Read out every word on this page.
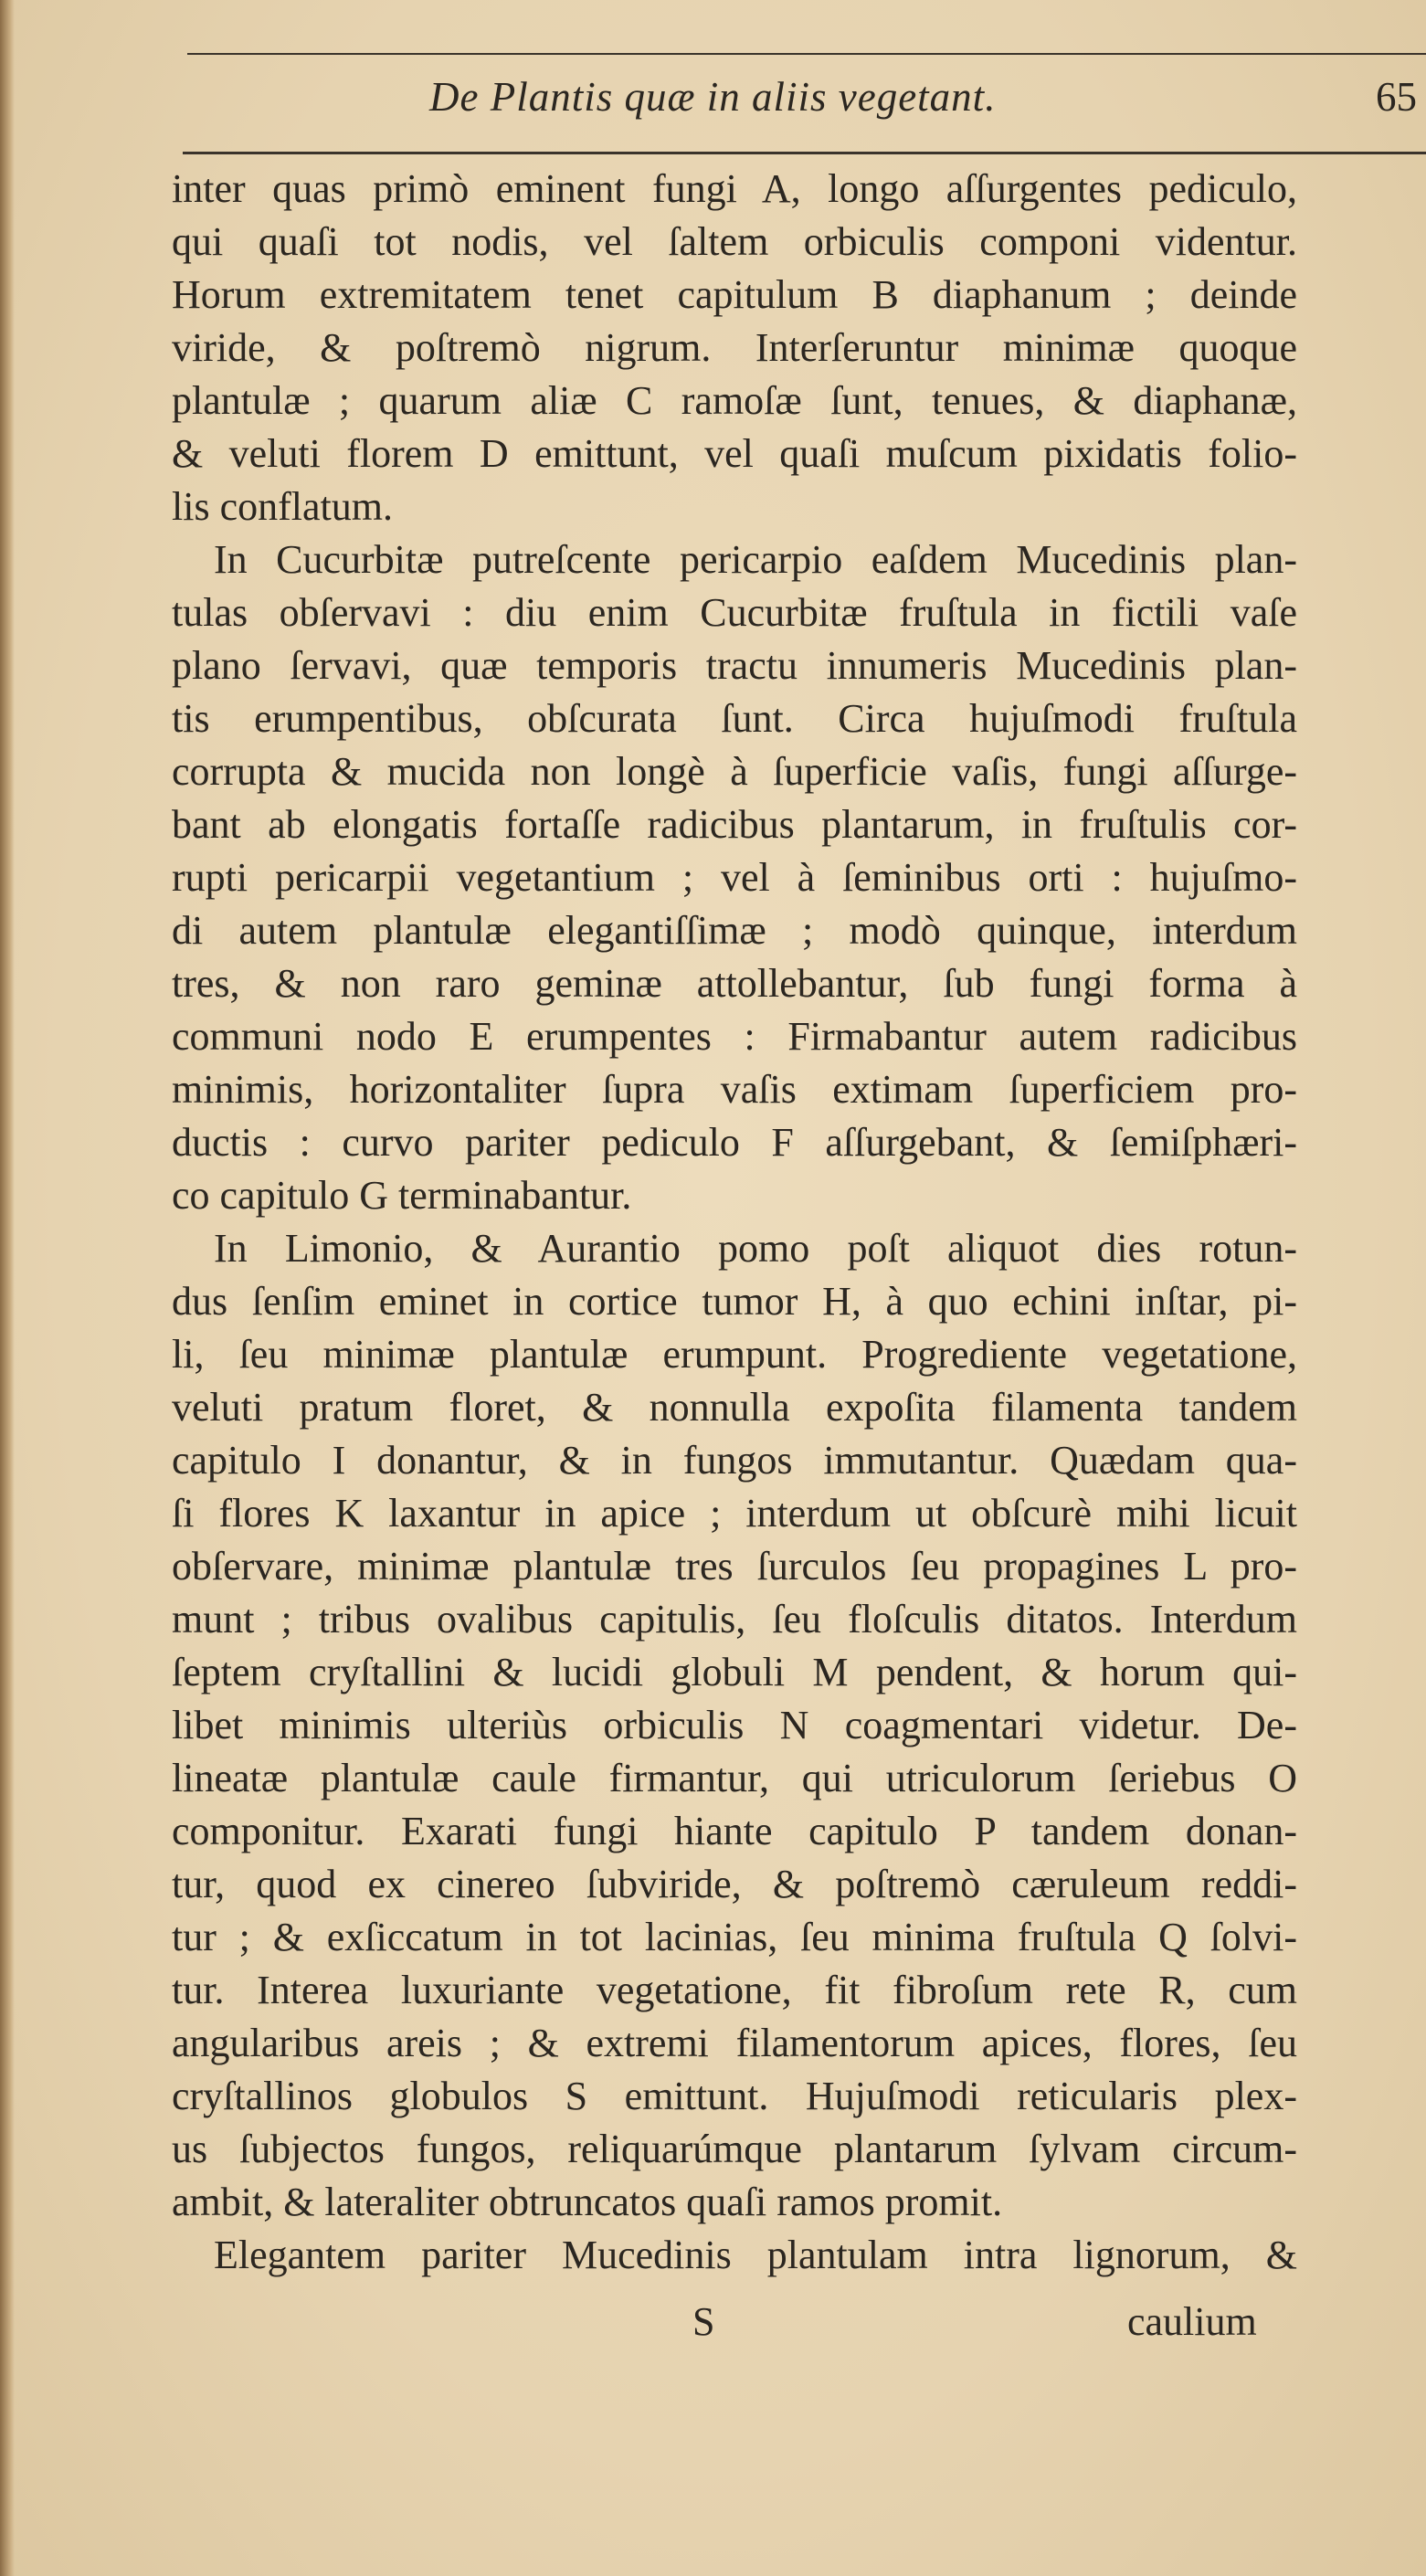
De Plantis quæ in aliis vegetant.	65
inter quas primò eminent fungi A, longo aſſurgentes pediculo,
qui quaſi tot nodis, vel ſaltem orbiculis componi videntur.
Horum extremitatem tenet capitulum B diaphanum ; deinde
viride, & poſtremò nigrum. Interſeruntur minimæ quoque
plantulæ ; quarum aliæ C ramoſæ ſunt, tenues, & diaphanæ,
& veluti florem D emittunt, vel quaſi muſcum pixidatis folio-
lis conflatum.
In Cucurbitæ putreſcente pericarpio eaſdem Mucedinis plan-
tulas obſervavi : diu enim Cucurbitæ fruſtula in fictili vaſe
plano ſervavi, quæ temporis tractu innumeris Mucedinis plan-
tis erumpentibus, obſcurata ſunt. Circa hujuſmodi fruſtula
corrupta & mucida non longè à ſuperficie vaſis, fungi aſſurge-
bant ab elongatis fortaſſe radicibus plantarum, in fruſtulis cor-
rupti pericarpii vegetantium ; vel à ſeminibus orti : hujuſmo-
di autem plantulæ elegantiſſimæ ; modò quinque, interdum
tres, & non raro geminæ attollebantur, ſub fungi forma à
communi nodo E erumpentes : Firmabantur autem radicibus
minimis, horizontaliter ſupra vaſis extimam ſuperficiem pro-
ductis : curvo pariter pediculo F aſſurgebant, & ſemiſphæri-
co capitulo G terminabantur.
In Limonio, & Aurantio pomo poſt aliquot dies rotun-
dus ſenſim eminet in cortice tumor H, à quo echini inſtar, pi-
li, ſeu minimæ plantulæ erumpunt. Progrediente vegetatione,
veluti pratum floret, & nonnulla expoſita filamenta tandem
capitulo I donantur, & in fungos immutantur. Quædam qua-
ſi flores K laxantur in apice ; interdum ut obſcurè mihi licuit
obſervare, minimæ plantulæ tres ſurculos ſeu propagines L pro-
munt ; tribus ovalibus capitulis, ſeu floſculis ditatos. Interdum
ſeptem cryſtallini & lucidi globuli M pendent, & horum qui-
libet minimis ulteriùs orbiculis N coagmentari videtur. De-
lineatæ plantulæ caule firmantur, qui utriculorum ſeriebus O
componitur. Exarati fungi hiante capitulo P tandem donan-
tur, quod ex cinereo ſubviride, & poſtremò cæruleum reddi-
tur ; & exſiccatum in tot lacinias, ſeu minima fruſtula Q ſolvi-
tur. Interea luxuriante vegetatione, fit fibroſum rete R, cum
angularibus areis ; & extremi filamentorum apices, flores, ſeu
cryſtallinos globulos S emittunt. Hujuſmodi reticularis plex-
us ſubjectos fungos, reliquarúmque plantarum ſylvam circum-
ambit, & lateraliter obtruncatos quaſi ramos promit.
Elegantem pariter Mucedinis plantulam intra lignorum, &
S	caulium
